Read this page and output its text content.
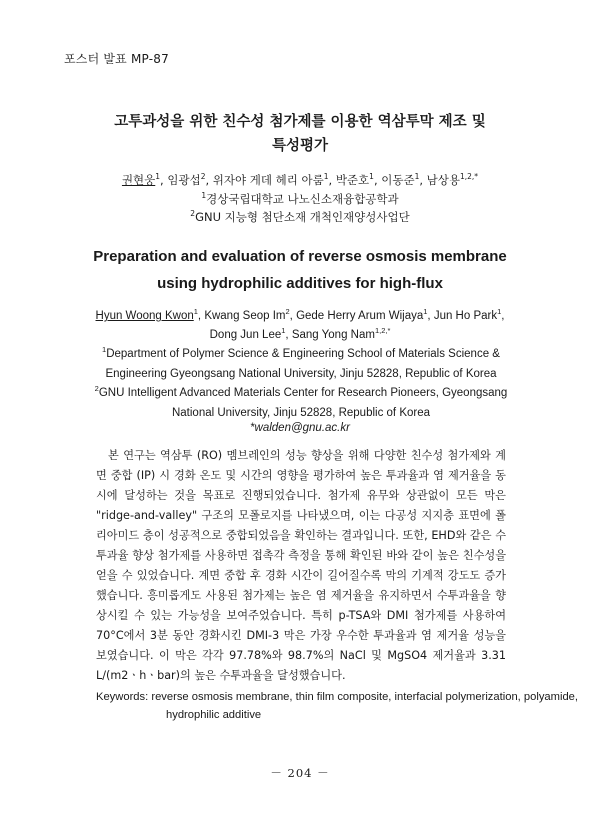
포스터 발표 MP-87
고투과성을 위한 친수성 첨가제를 이용한 역삼투막 제조 및
특성평가
권현웅$^1$, 임광섭$^2$, 위자야 게데 헤리 아룸$^1$, 박준호$^1$, 이동준$^1$, 남상용$^{1,2,*}$
$^1$경상국립대학교 나노신소재융합공학과
$^2$GNU 지능형 첨단소재 개척인재양성사업단
Preparation and evaluation of reverse osmosis membrane
using hydrophilic additives for high-flux
Hyun Woong Kwon$^1$, Kwang Seop Im$^2$, Gede Herry Arum Wijaya$^1$, Jun Ho Park$^1$, Dong Jun Lee$^1$, Sang Yong Nam$^{1,2,*}$
$^1$Department of Polymer Science & Engineering School of Materials Science & Engineering Gyeongsang National University, Jinju 52828, Republic of Korea
$^2$GNU Intelligent Advanced Materials Center for Research Pioneers, Gyeongsang National University, Jinju 52828, Republic of Korea
*walden@gnu.ac.kr
본 연구는 역삼투 (RO) 멤브레인의 성능 향상을 위해 다양한 친수성 첨가제와 계면 중합 (IP) 시 경화 온도 및 시간의 영향을 평가하여 높은 투과율과 염 제거율을 동시에 달성하는 것을 목표로 진행되었습니다. 첨가제 유무와 상관없이 모든 막은 "ridge-and-valley" 구조의 모폴로지를 나타냈으며, 이는 다공성 지지층 표면에 폴리아미드 층이 성공적으로 중합되었음을 확인하는 결과입니다. 또한, EHD와 같은 수투과율 향상 첨가제를 사용하면 접촉각 측정을 통해 확인된 바와 같이 높은 친수성을 얻을 수 있었습니다. 계면 중합 후 경화 시간이 길어질수록 막의 기계적 강도도 증가했습니다. 흥미롭게도 사용된 첨가제는 높은 염 제거율을 유지하면서 수투과율을 향상시킬 수 있는 가능성을 보여주었습니다. 특히 p-TSA와 DMI 첨가제를 사용하여 70°C에서 3분 동안 경화시킨 DMI-3 막은 가장 우수한 투과율과 염 제거율 성능을 보였습니다. 이 막은 각각 97.78%와 98.7%의 NaCl 및 MgSO4 제거율과 3.31 L/(m2ㆍhㆍbar)의 높은 수투과율을 달성했습니다.
Keywords: reverse osmosis membrane, thin film composite, interfacial polymerization, polyamide, hydrophilic additive
－ 204 －
